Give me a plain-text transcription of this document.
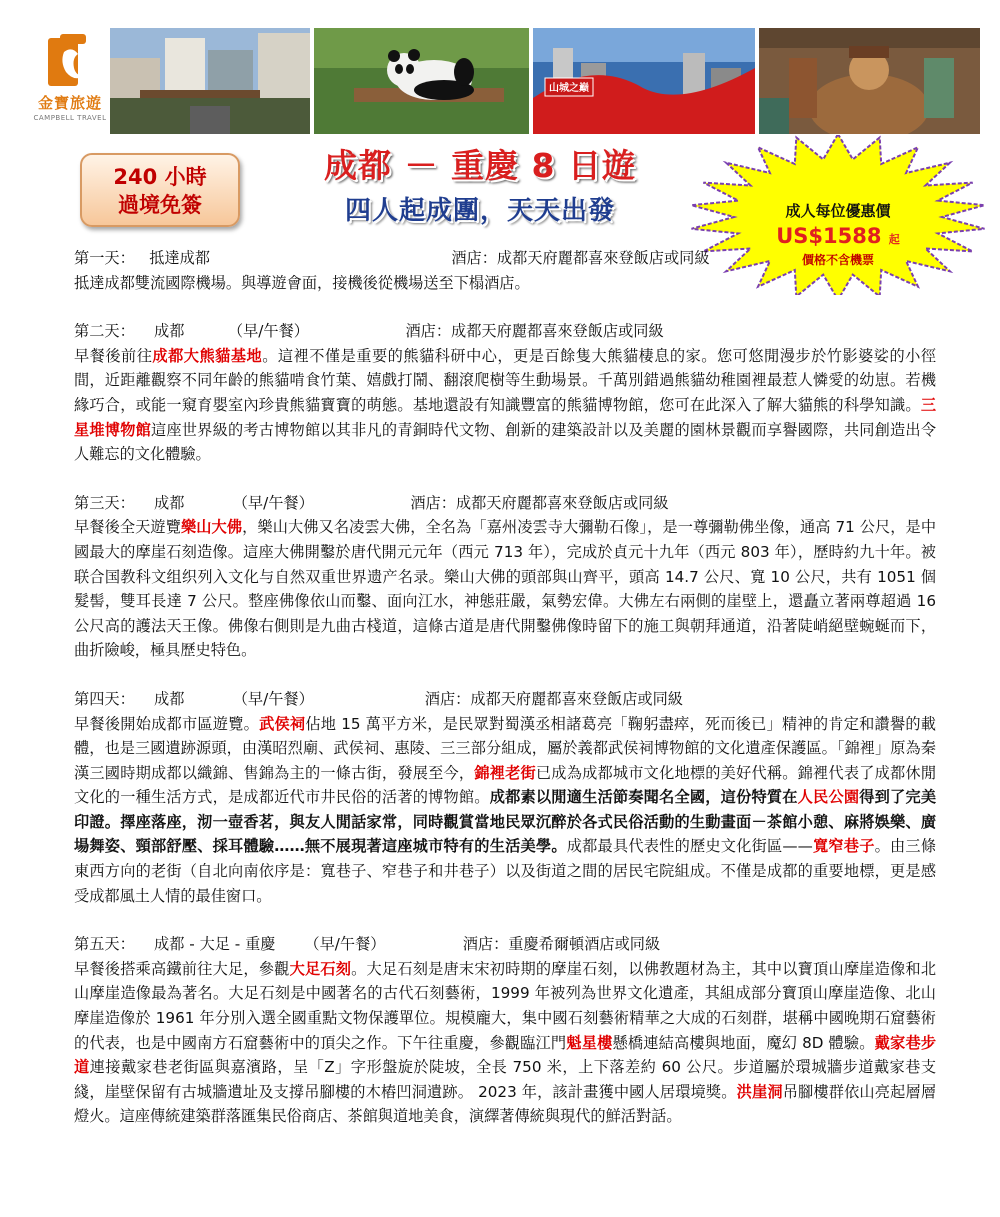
金寶旅遊
CAMPBELL TRAVEL
山城之巅
240 小時
過境免簽
成都 － 重慶 8 日遊
四人起成團，天天出發	成人每位優惠價
US$1588 起
價格不含機票
第一天：   抵達成都                                                  酒店：成都天府麗都喜來登飯店或同級
抵達成都雙流國際機場。與導遊會面，接機後從機場送至下榻酒店。
第二天：    成都         （早/午餐）                    酒店：成都天府麗都喜來登飯店或同級
早餐後前往成都大熊貓基地。這裡不僅是重要的熊貓科研中心，更是百餘隻大熊貓棲息的家。您可悠閒漫步於竹影婆娑的小徑間，近距離觀察不同年齡的熊貓啃食竹葉、嬉戲打鬧、翻滾爬樹等生動場景。千萬別錯過熊貓幼稚園裡最惹人憐愛的幼崽。若機緣巧合，或能一窺育嬰室內珍貴熊貓寶寶的萌態。基地還設有知識豐富的熊貓博物館，您可在此深入了解大貓熊的科學知識。三星堆博物館這座世界級的考古博物館以其非凡的青銅時代文物、創新的建築設計以及美麗的園林景觀而享譽國際，共同創造出令人難忘的文化體驗。
第三天：    成都          （早/午餐）                    酒店：成都天府麗都喜來登飯店或同級
早餐後全天遊覽樂山大佛，樂山大佛又名凌雲大佛，全名為「嘉州凌雲寺大彌勒石像」，是一尊彌勒佛坐像，通高 71 公尺，是中國最大的摩崖石刻造像。這座大佛開鑿於唐代開元元年（西元 713 年），完成於貞元十九年（西元 803 年），歷時約九十年。被联合国教科文组织列入文化与自然双重世界遗产名录。樂山大佛的頭部與山齊平，頭高 14.7 公尺、寬 10 公尺，共有 1051 個髮髻，雙耳長達 7 公尺。整座佛像依山而鑿、面向江水，神態莊嚴，氣勢宏偉。大佛左右兩側的崖壁上，還矗立著兩尊超過 16 公尺高的護法天王像。佛像右側則是九曲古棧道，這條古道是唐代開鑿佛像時留下的施工與朝拜通道，沿著陡峭絕壁蜿蜒而下，曲折險峻，極具歷史特色。
第四天：    成都          （早/午餐）                       酒店：成都天府麗都喜來登飯店或同級
早餐後開始成都市區遊覽。武侯祠佔地 15 萬平方米，是民眾對蜀漢丞相諸葛亮「鞠躬盡瘁，死而後已」精神的肯定和讚譽的載體，也是三國遺跡源頭，由漢昭烈廟、武侯祠、惠陵、三三部分組成，屬於義都武侯祠博物館的文化遺產保護區。「錦裡」原為秦漢三國時期成都以織錦、售錦為主的一條古街，發展至今，錦裡老街已成為成都城市文化地標的美好代稱。錦裡代表了成都休閒文化的一種生活方式，是成都近代市井民俗的活著的博物館。成都素以閒適生活節奏聞名全國，這份特質在人民公園得到了完美印證。擇座落座，沏一壺香茗，與友人閒話家常，同時觀賞當地民眾沉醉於各式民俗活動的生動畫面－茶館小憩、麻將娛樂、廣場舞姿、頸部舒壓、採耳體驗……無不展現著這座城市特有的生活美學。成都最具代表性的歷史文化街區——寬窄巷子。由三條東西方向的老街（自北向南依序是：寬巷子、窄巷子和井巷子）以及街道之間的居民宅院組成。不僅是成都的重要地標，更是感受成都風土人情的最佳窗口。
第五天：    成都 - 大足 - 重慶      （早/午餐）                酒店：重慶希爾頓酒店或同級
早餐後搭乘高鐵前往大足，參觀大足石刻。大足石刻是唐末宋初時期的摩崖石刻，以佛教題材為主，其中以寶頂山摩崖造像和北山摩崖造像最為著名。大足石刻是中國著名的古代石刻藝術，1999 年被列為世界文化遺產，其組成部分寶頂山摩崖造像、北山摩崖造像於 1961 年分別入選全國重點文物保護單位。規模龐大，集中國石刻藝術精華之大成的石刻群，堪稱中國晚期石窟藝術的代表，也是中國南方石窟藝術中的頂尖之作。下午往重慶，參觀臨江門魁星樓懸橋連結高樓與地面，魔幻 8D 體驗。戴家巷步道連接戴家巷老街區與嘉濱路，呈「Z」字形盤旋於陡坡，全長 750 米，上下落差約 60 公尺。步道屬於環城牆步道戴家巷支綫，崖壁保留有古城牆遺址及支撐吊腳樓的木樁凹洞遺跡。 2023 年，該計畫獲中國人居環境獎。洪崖洞吊腳樓群依山亮起層層燈火。這座傳統建築群落匯集民俗商店、茶館與道地美食，演繹著傳統與現代的鮮活對話。
